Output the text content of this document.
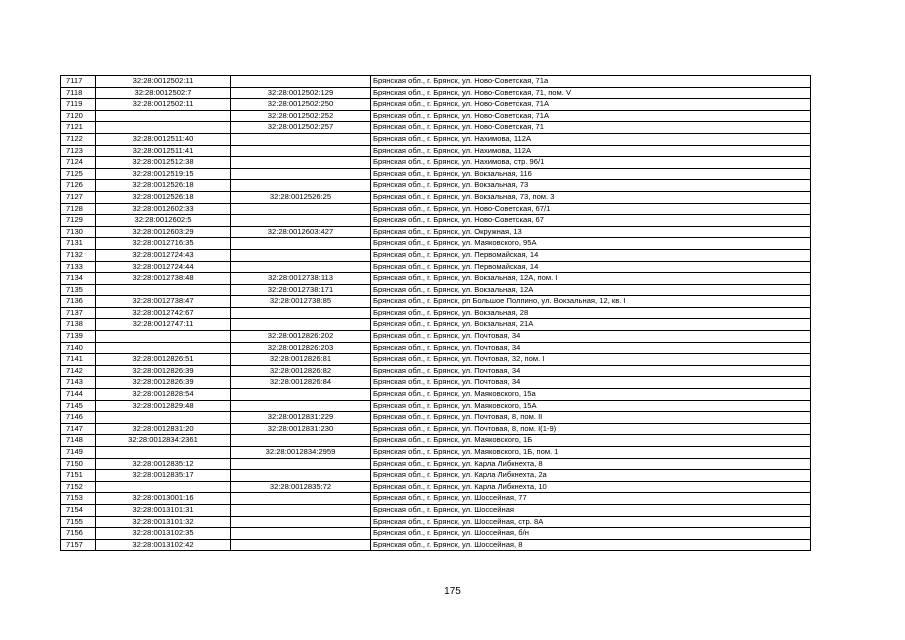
7117	32:28:0012502:11		Брянская обл., г. Брянск, ул. Ново-Советская, 71а
7118	32:28:0012502:7	32:28:0012502:129	Брянская обл., г. Брянск, ул. Ново-Советская, 71, пом. V
7119	32:28:0012502:11	32:28:0012502:250	Брянская обл., г. Брянск, ул. Ново-Советская, 71А
7120		32:28:0012502:252	Брянская обл., г. Брянск, ул. Ново-Советская, 71А
7121		32:28:0012502:257	Брянская обл., г. Брянск, ул. Ново-Советская, 71
7122	32:28:0012511:40		Брянская обл., г. Брянск, ул. Нахимова, 112А
7123	32:28:0012511:41		Брянская обл., г. Брянск, ул. Нахимова, 112А
7124	32:28:0012512:38		Брянская обл., г. Брянск, ул. Нахимова, стр. 96/1
7125	32:28:0012519:15		Брянская обл., г. Брянск, ул. Вокзальная, 116
7126	32:28:0012526:18		Брянская обл., г. Брянск, ул. Вокзальная, 73
7127	32:28:0012526:18	32:28:0012526:25	Брянская обл., г. Брянск, ул. Вокзальная, 73, пом. 3
7128	32:28:0012602:33		Брянская обл., г. Брянск, ул. Ново-Советская, 67/1
7129	32:28:0012602:5		Брянская обл., г. Брянск, ул. Ново-Советская, 67
7130	32:28:0012603:29	32:28:0012603:427	Брянская обл., г. Брянск, ул. Окружная, 13
7131	32:28:0012716:35		Брянская обл., г. Брянск, ул. Маяковского, 95А
7132	32:28:0012724:43		Брянская обл., г. Брянск, ул. Первомайская, 14
7133	32:28:0012724:44		Брянская обл., г. Брянск, ул. Первомайская, 14
7134	32:28:0012738:48	32:28:0012738:113	Брянская обл., г. Брянск, ул. Вокзальная, 12А, пом. I
7135		32:28:0012738:171	Брянская обл., г. Брянск, ул. Вокзальная, 12А
7136	32:28:0012738:47	32:28:0012738:85	Брянская обл., г. Брянск, рп Большое Полпино, ул. Вокзальная, 12, кв. I
7137	32:28:0012742:67		Брянская обл., г. Брянск, ул. Вокзальная, 28
7138	32:28:0012747:11		Брянская обл., г. Брянск, ул. Вокзальная, 21А
7139		32:28:0012826:202	Брянская обл., г. Брянск, ул. Почтовая, 34
7140		32:28:0012826:203	Брянская обл., г. Брянск, ул. Почтовая, 34
7141	32:28:0012826:51	32:28:0012826:81	Брянская обл., г. Брянск, ул. Почтовая, 32, пом. I
7142	32:28:0012826:39	32:28:0012826:82	Брянская обл., г. Брянск, ул. Почтовая, 34
7143	32:28:0012826:39	32:28:0012826:84	Брянская обл., г. Брянск, ул. Почтовая, 34
7144	32:28:0012828:54		Брянская обл., г. Брянск, ул. Маяковского, 15а
7145	32:28:0012829:48		Брянская обл., г. Брянск, ул. Маяковского, 15А
7146		32:28:0012831:229	Брянская обл., г. Брянск, ул. Почтовая, 8, пом. II
7147	32:28:0012831:20	32:28:0012831:230	Брянская обл., г. Брянск, ул. Почтовая, 8, пом. I(1-9)
7148	32:28:0012834:2361		Брянская обл., г. Брянск, ул. Маяковского, 1Б
7149		32:28:0012834:2959	Брянская обл., г. Брянск, ул. Маяковского, 1Б, пом. 1
7150	32:28:0012835:12		Брянская обл., г. Брянск, ул. Карла Либкнехта, 8
7151	32:28:0012835:17		Брянская обл., г. Брянск, ул. Карла Либкнехта, 2а
7152		32:28:0012835:72	Брянская обл., г. Брянск, ул. Карла Либкнехта, 10
7153	32:28:0013001:16		Брянская обл., г. Брянск, ул. Шоссейная, 77
7154	32:28:0013101:31		Брянская обл., г. Брянск, ул. Шоссейная
7155	32:28:0013101:32		Брянская обл., г. Брянск, ул. Шоссейная, стр. 8А
7156	32:28:0013102:35		Брянская обл., г. Брянск, ул. Шоссейная, б/н
7157	32:28:0013102:42		Брянская обл., г. Брянск, ул. Шоссейная, 8
175
